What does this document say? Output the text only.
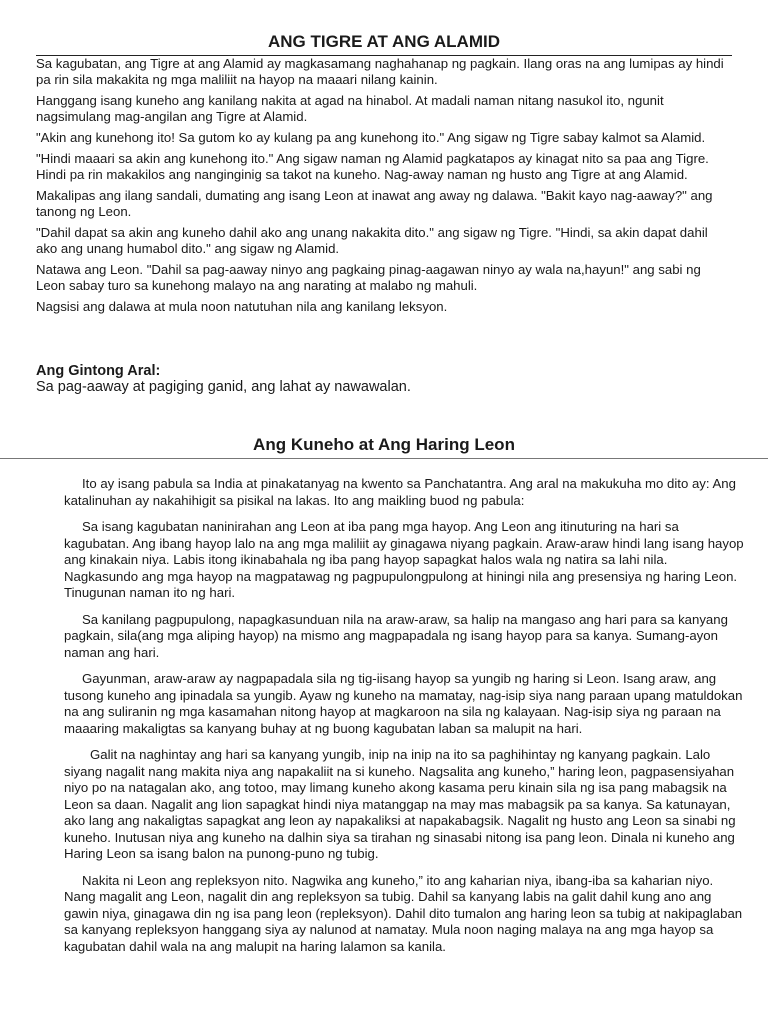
ANG TIGRE AT ANG ALAMID

Sa kagubatan, ang Tigre at ang Alamid ay magkasamang naghahanap ng pagkain. Ilang oras na ang lumipas ay hindi pa rin sila makakita ng mga maliliit na hayop na maaari nilang kainin.

Hanggang isang kuneho ang kanilang nakita at agad na hinabol. At madali naman nitang nasukol ito, ngunit nagsimulang mag-angilan ang Tigre at Alamid.

"Akin ang kunehong ito! Sa gutom ko ay kulang pa ang kunehong ito." Ang sigaw ng Tigre sabay kalmot sa Alamid.

"Hindi maaari sa akin ang kunehong ito." Ang sigaw naman ng Alamid pagkatapos ay kinagat nito sa paa ang Tigre. Hindi pa rin makakilos ang nanginginig sa takot na kuneho. Nag-away naman ng husto ang Tigre at ang Alamid.

Makalipas ang ilang sandali, dumating ang isang Leon at inawat ang away ng dalawa. "Bakit kayo nag-aaway?" ang tanong ng Leon.

"Dahil dapat sa akin ang kuneho dahil ako ang unang nakakita dito." ang sigaw ng Tigre. "Hindi, sa akin dapat dahil ako ang unang humabol dito." ang sigaw ng Alamid.

Natawa ang Leon. "Dahil sa pag-aaway ninyo ang pagkaing pinag-aagawan ninyo ay wala na,hayun!" ang sabi ng Leon sabay turo sa kunehong malayo na ang narating at malabo ng mahuli.

Nagsisi ang dalawa at mula noon natutuhan nila ang kanilang leksyon.

Ang Gintong Aral:
Sa pag-aaway at pagiging ganid, ang lahat ay nawawalan.
Ang Kuneho at Ang Haring Leon

Ito ay isang pabula sa India at pinakatanyag na kwento sa Panchatantra. Ang aral na makukuha mo dito ay: Ang katalinuhan ay nakahihigit sa pisikal na lakas. Ito ang maikling buod ng pabula:

Sa isang kagubatan naninirahan ang Leon at iba pang mga hayop. Ang Leon ang itinuturing na hari sa kagubatan. Ang ibang hayop lalo na ang mga maliliit ay ginagawa niyang pagkain. Araw-araw hindi lang isang hayop ang kinakain niya. Labis itong ikinabahala ng iba pang hayop sapagkat halos wala ng natira sa lahi nila. Nagkasundo ang mga hayop na magpatawag ng pagpupulongpulong at hiningi nila ang presensiya ng haring Leon. Tinugunan naman ito ng hari.

Sa kanilang pagpupulong, napagkasunduan nila na araw-araw, sa halip na mangaso ang hari para sa kanyang pagkain, sila(ang mga aliping hayop) na mismo ang magpapadala ng isang hayop para sa kanya. Sumang-ayon naman ang hari.

Gayunman, araw-araw ay nagpapadala sila ng tig-iisang hayop sa yungib ng haring si Leon. Isang araw, ang tusong kuneho ang ipinadala sa yungib. Ayaw ng kuneho na mamatay, nag-isip siya nang paraan upang matuldokan na ang suliranin ng mga kasamahan nitong hayop at magkaroon na sila ng kalayaan. Nag-isip siya ng paraan na maaaring makaligtas sa kanyang buhay at ng buong kagubatan laban sa malupit na hari.

Galit na naghintay ang hari sa kanyang yungib, inip na inip na ito sa paghihintay ng kanyang pagkain. Lalo siyang nagalit nang makita niya ang napakaliit na si kuneho. Nagsalita ang kuneho,” haring leon, pagpasensiyahan niyo po na natagalan ako, ang totoo, may limang kuneho akong kasama peru kinain sila ng isa pang mabagsik na Leon sa daan. Nagalit ang lion sapagkat hindi niya matanggap na may mas mabagsik pa sa kanya. Sa katunayan, ako lang ang nakaligtas sapagkat ang leon ay napakaliksi at napakabagsik. Nagalit ng husto ang Leon sa sinabi ng kuneho. Inutusan niya ang kuneho na dalhin siya sa tirahan ng sinasabi nitong isa pang leon. Dinala ni kuneho ang Haring Leon sa isang balon na punong-puno ng tubig.

Nakita ni Leon ang repleksyon nito. Nagwika ang kuneho,” ito ang kaharian niya, ibang-iba sa kaharian niyo. Nang magalit ang Leon, nagalit din ang repleksyon sa tubig. Dahil sa kanyang labis na galit dahil kung ano ang gawin niya, ginagawa din ng isa pang leon (repleksyon). Dahil dito tumalon ang haring leon sa tubig at nakipaglaban sa kanyang repleksyon hanggang siya ay nalunod at namatay. Mula noon naging malaya na ang mga hayop sa kagubatan dahil wala na ang malupit na haring lalamon sa kanila.
